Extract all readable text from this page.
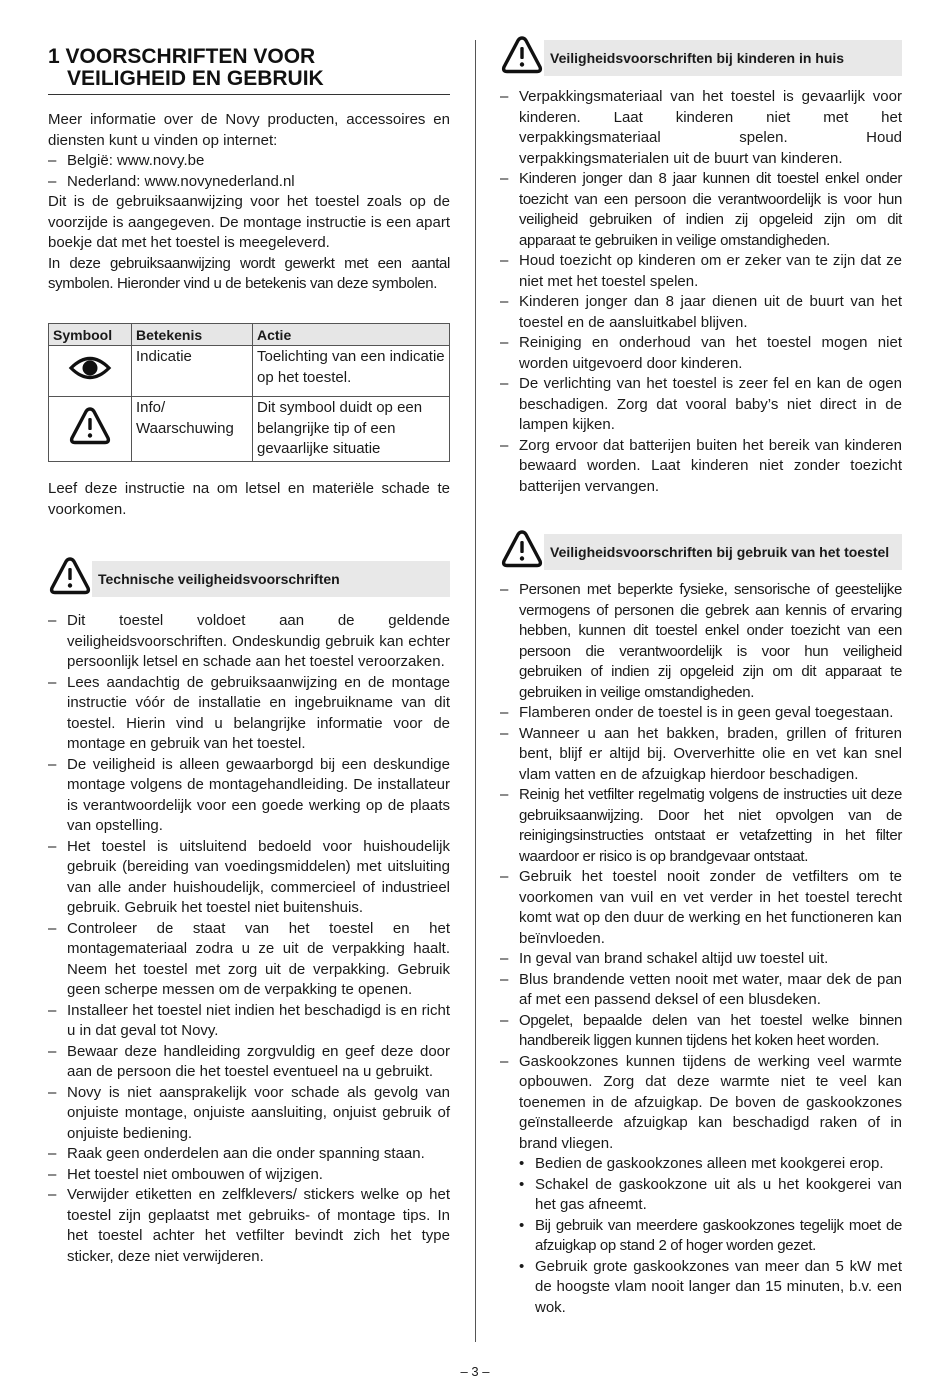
1 VOORSCHRIFTEN VOOR
VEILIGHEID EN GEBRUIK

Meer informatie over de Novy producten, accessoires en diensten kunt u vinden op internet:

– België: www.novy.be

– Nederland: www.novynederland.nl

Dit is de gebruiksaanwijzing voor het toestel zoals op de voorzijde is aangegeven. De montage instructie is een apart boekje dat met het toestel is meegeleverd.

In deze gebruiksaanwijzing wordt gewerkt met een aantal symbolen. Hieronder vind u de betekenis van deze symbolen.

Symbool	Betekenis	Actie
	Indicatie	Toelichting van een indicatie op het toestel.
	Info/ Waarschuwing	Dit symbool duidt op een belangrijke tip of een gevaarlijke situatie

Leef deze instructie na om letsel en materiële schade te voorkomen.

Technische veiligheidsvoorschriften

– Dit toestel voldoet aan de geldende veiligheidsvoorschriften. Ondeskundig gebruik kan echter persoonlijk letsel en schade aan het toestel veroorzaken.

– Lees aandachtig de gebruiksaanwijzing en de montage instructie vóór de installatie en ingebruikname van dit toestel. Hierin vind u belangrijke informatie voor de montage en gebruik van het toestel.

– De veiligheid is alleen gewaarborgd bij een deskundige montage volgens de montagehandleiding. De installateur is verantwoordelijk voor een goede werking op de plaats van opstelling.

– Het toestel is uitsluitend bedoeld voor huishoudelijk gebruik (bereiding van voedingsmiddelen) met uitsluiting van alle ander huishoudelijk, commercieel of industrieel gebruik. Gebruik het toestel niet buitenshuis.

– Controleer de staat van het toestel en het montagemateriaal zodra u ze uit de verpakking haalt. Neem het toestel met zorg uit de verpakking. Gebruik geen scherpe messen om de verpakking te openen.

– Installeer het toestel niet indien het beschadigd is en richt u in dat geval tot Novy.

– Bewaar deze handleiding zorgvuldig en geef deze door aan de persoon die het toestel eventueel na u gebruikt.

– Novy is niet aansprakelijk voor schade als gevolg van onjuiste montage, onjuiste aansluiting, onjuist gebruik of onjuiste bediening.

– Raak geen onderdelen aan die onder spanning staan.

– Het toestel niet ombouwen of wijzigen.

– Verwijder etiketten en zelfklevers/ stickers welke op het toestel zijn geplaatst met gebruiks- of montage tips. In het toestel achter het vetfilter bevindt zich het type sticker, deze niet verwijderen.

Veiligheidsvoorschriften bij kinderen in huis

– Verpakkingsmateriaal van het toestel is gevaarlijk voor kinderen. Laat kinderen niet met het verpakkingsmateriaal spelen. Houd verpakkingsmaterialen uit de buurt van kinderen.

– Kinderen jonger dan 8 jaar kunnen dit toestel enkel onder toezicht van een persoon die verantwoordelijk is voor hun veiligheid gebruiken of indien zij opgeleid zijn om dit apparaat te gebruiken in veilige omstandigheden.

– Houd toezicht op kinderen om er zeker van te zijn dat ze niet met het toestel spelen.

– Kinderen jonger dan 8 jaar dienen uit de buurt van het toestel en de aansluitkabel blijven.

– Reiniging en onderhoud van het toestel mogen niet worden uitgevoerd door kinderen.

– De verlichting van het toestel is zeer fel en kan de ogen beschadigen. Zorg dat vooral baby’s niet direct in de lampen kijken.

– Zorg ervoor dat batterijen buiten het bereik van kinderen bewaard worden. Laat kinderen niet zonder toezicht batterijen vervangen.

Veiligheidsvoorschriften bij gebruik van het toestel

– Personen met beperkte fysieke, sensorische of geestelijke vermogens of personen die gebrek aan kennis of ervaring hebben, kunnen dit toestel enkel onder toezicht van een persoon die verantwoordelijk is voor hun veiligheid gebruiken of indien zij opgeleid zijn om dit apparaat te gebruiken in veilige omstandigheden.

– Flamberen onder de toestel is in geen geval toegestaan.

– Wanneer u aan het bakken, braden, grillen of frituren bent, blijf er altijd bij. Oververhitte olie en vet kan snel vlam vatten en de afzuigkap hierdoor beschadigen.

– Reinig het vetfilter regelmatig volgens de instructies uit deze gebruiksaanwijzing. Door het niet opvolgen van de reinigingsinstructies ontstaat er vetafzetting in het filter waardoor er risico is op brandgevaar ontstaat.

– Gebruik het toestel nooit zonder de vetfilters om te voorkomen van vuil en vet verder in het toestel terecht komt wat op den duur de werking en het functioneren kan beïnvloeden.

– In geval van brand schakel altijd uw toestel uit.

– Blus brandende vetten nooit met water, maar dek de pan af met een passend deksel of een blusdeken.

– Opgelet, bepaalde delen van het toestel welke binnen handbereik liggen kunnen tijdens het koken heet worden.

– Gaskookzones kunnen tijdens de werking veel warmte opbouwen. Zorg dat deze warmte niet te veel kan toenemen in de afzuigkap. De boven de gaskookzones geïnstalleerde afzuigkap kan beschadigd raken of in brand vliegen.

• Bedien de gaskookzones alleen met kookgerei erop.

• Schakel de gaskookzone uit als u het kookgerei van het gas afneemt.

• Bij gebruik van meerdere gaskookzones tegelijk moet de afzuigkap op stand 2 of hoger worden gezet.

• Gebruik grote gaskookzones van meer dan 5 kW met de hoogste vlam nooit langer dan 15 minuten, b.v. een wok.

– 3 –
